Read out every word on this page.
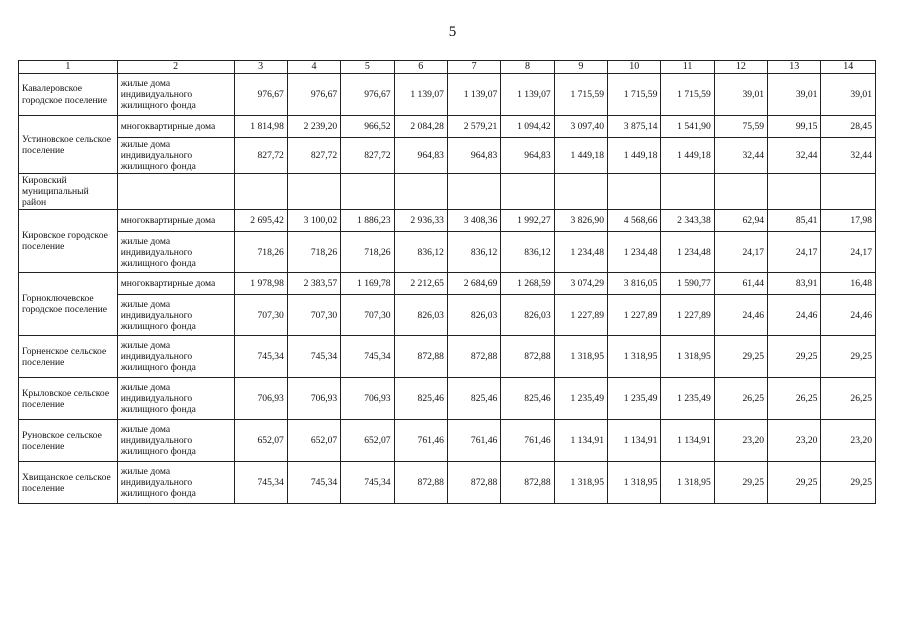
5
1	2	3	4	5	6	7	8	9	10	11	12	13	14
Кавалеровское городское поселение	жилые дома индивидуального жилищного фонда	976,67	976,67	976,67	1 139,07	1 139,07	1 139,07	1 715,59	1 715,59	1 715,59	39,01	39,01	39,01
Устиновское сельское поселение	многоквартирные дома	1 814,98	2 239,20	966,52	2 084,28	2 579,21	1 094,42	3 097,40	3 875,14	1 541,90	75,59	99,15	28,45
	жилые дома индивидуального жилищного фонда	827,72	827,72	827,72	964,83	964,83	964,83	1 449,18	1 449,18	1 449,18	32,44	32,44	32,44
Кировский муниципальный район													
Кировское городское поселение	многоквартирные дома	2 695,42	3 100,02	1 886,23	2 936,33	3 408,36	1 992,27	3 826,90	4 568,66	2 343,38	62,94	85,41	17,98
	жилые дома индивидуального жилищного фонда	718,26	718,26	718,26	836,12	836,12	836,12	1 234,48	1 234,48	1 234,48	24,17	24,17	24,17
Горноключевское городское поселение	многоквартирные дома	1 978,98	2 383,57	1 169,78	2 212,65	2 684,69	1 268,59	3 074,29	3 816,05	1 590,77	61,44	83,91	16,48
	жилые дома индивидуального жилищного фонда	707,30	707,30	707,30	826,03	826,03	826,03	1 227,89	1 227,89	1 227,89	24,46	24,46	24,46
Горненское сельское поселение	жилые дома индивидуального жилищного фонда	745,34	745,34	745,34	872,88	872,88	872,88	1 318,95	1 318,95	1 318,95	29,25	29,25	29,25
Крыловское сельское поселение	жилые дома индивидуального жилищного фонда	706,93	706,93	706,93	825,46	825,46	825,46	1 235,49	1 235,49	1 235,49	26,25	26,25	26,25
Руновское сельское поселение	жилые дома индивидуального жилищного фонда	652,07	652,07	652,07	761,46	761,46	761,46	1 134,91	1 134,91	1 134,91	23,20	23,20	23,20
Хвищанское сельское поселение	жилые дома индивидуального жилищного фонда	745,34	745,34	745,34	872,88	872,88	872,88	1 318,95	1 318,95	1 318,95	29,25	29,25	29,25
